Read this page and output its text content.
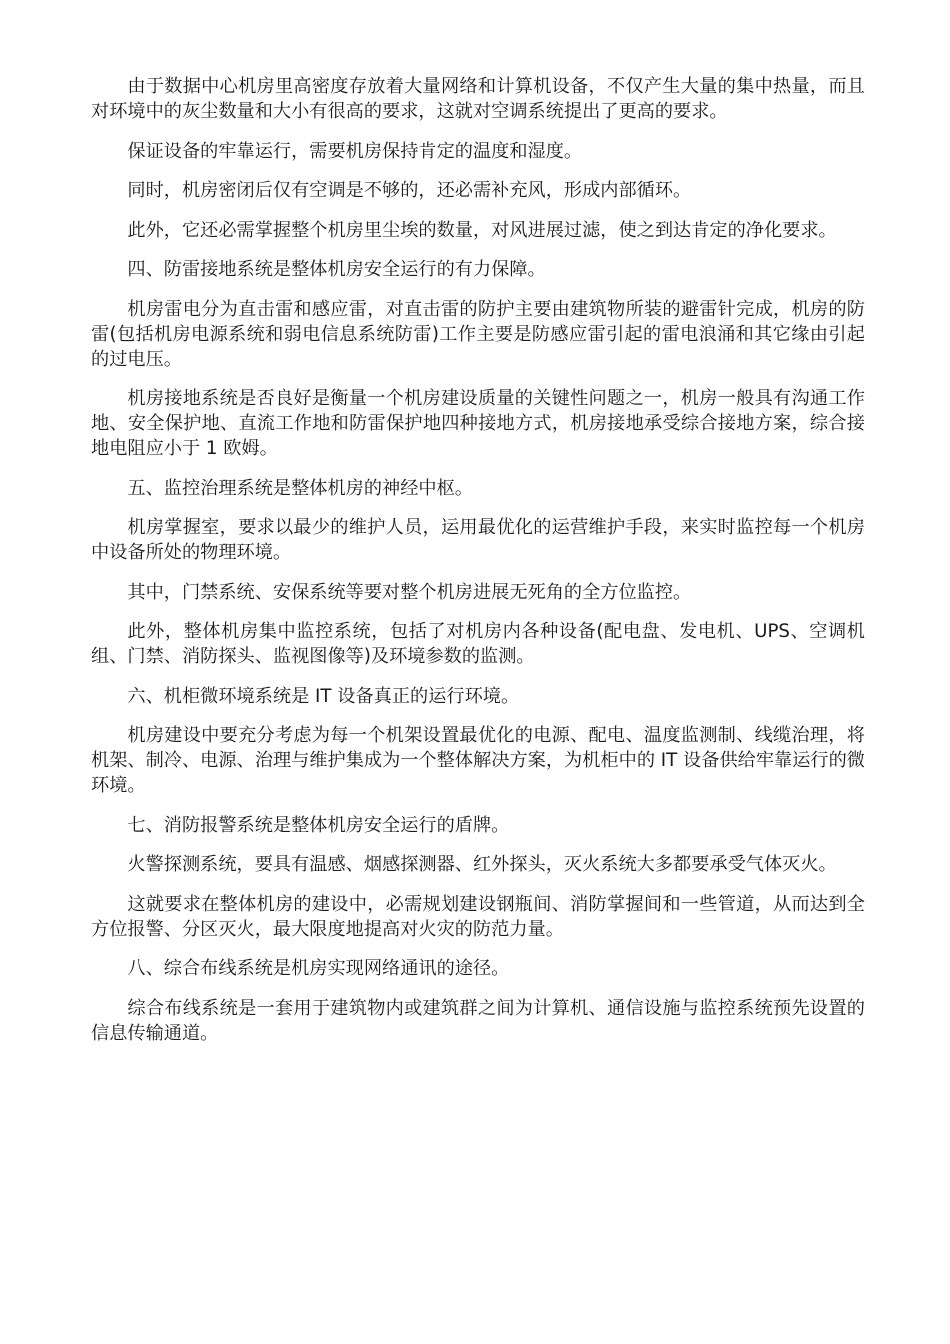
由于数据中心机房里高密度存放着大量网络和计算机设备，不仅产生大量的集中热量，而且对环境中的灰尘数量和大小有很高的要求，这就对空调系统提出了更高的要求。

保证设备的牢靠运行，需要机房保持肯定的温度和湿度。

同时，机房密闭后仅有空调是不够的，还必需补充风，形成内部循环。

此外，它还必需掌握整个机房里尘埃的数量，对风进展过滤，使之到达肯定的净化要求。

四、防雷接地系统是整体机房安全运行的有力保障。

机房雷电分为直击雷和感应雷，对直击雷的防护主要由建筑物所装的避雷针完成，机房的防雷(包括机房电源系统和弱电信息系统防雷)工作主要是防感应雷引起的雷电浪涌和其它缘由引起的过电压。

机房接地系统是否良好是衡量一个机房建设质量的关键性问题之一，机房一般具有沟通工作地、安全保护地、直流工作地和防雷保护地四种接地方式，机房接地承受综合接地方案，综合接地电阻应小于 1 欧姆。

五、监控治理系统是整体机房的神经中枢。

机房掌握室，要求以最少的维护人员，运用最优化的运营维护手段，来实时监控每一个机房中设备所处的物理环境。

其中，门禁系统、安保系统等要对整个机房进展无死角的全方位监控。

此外，整体机房集中监控系统，包括了对机房内各种设备(配电盘、发电机、UPS、空调机组、门禁、消防探头、监视图像等)及环境参数的监测。

六、机柜微环境系统是 IT 设备真正的运行环境。

机房建设中要充分考虑为每一个机架设置最优化的电源、配电、温度监测制、线缆治理，将机架、制冷、电源、治理与维护集成为一个整体解决方案，为机柜中的 IT 设备供给牢靠运行的微环境。

七、消防报警系统是整体机房安全运行的盾牌。

火警探测系统，要具有温感、烟感探测器、红外探头，灭火系统大多都要承受气体灭火。

这就要求在整体机房的建设中，必需规划建设钢瓶间、消防掌握间和一些管道，从而达到全方位报警、分区灭火，最大限度地提高对火灾的防范力量。

八、综合布线系统是机房实现网络通讯的途径。

综合布线系统是一套用于建筑物内或建筑群之间为计算机、通信设施与监控系统预先设置的信息传输通道。
